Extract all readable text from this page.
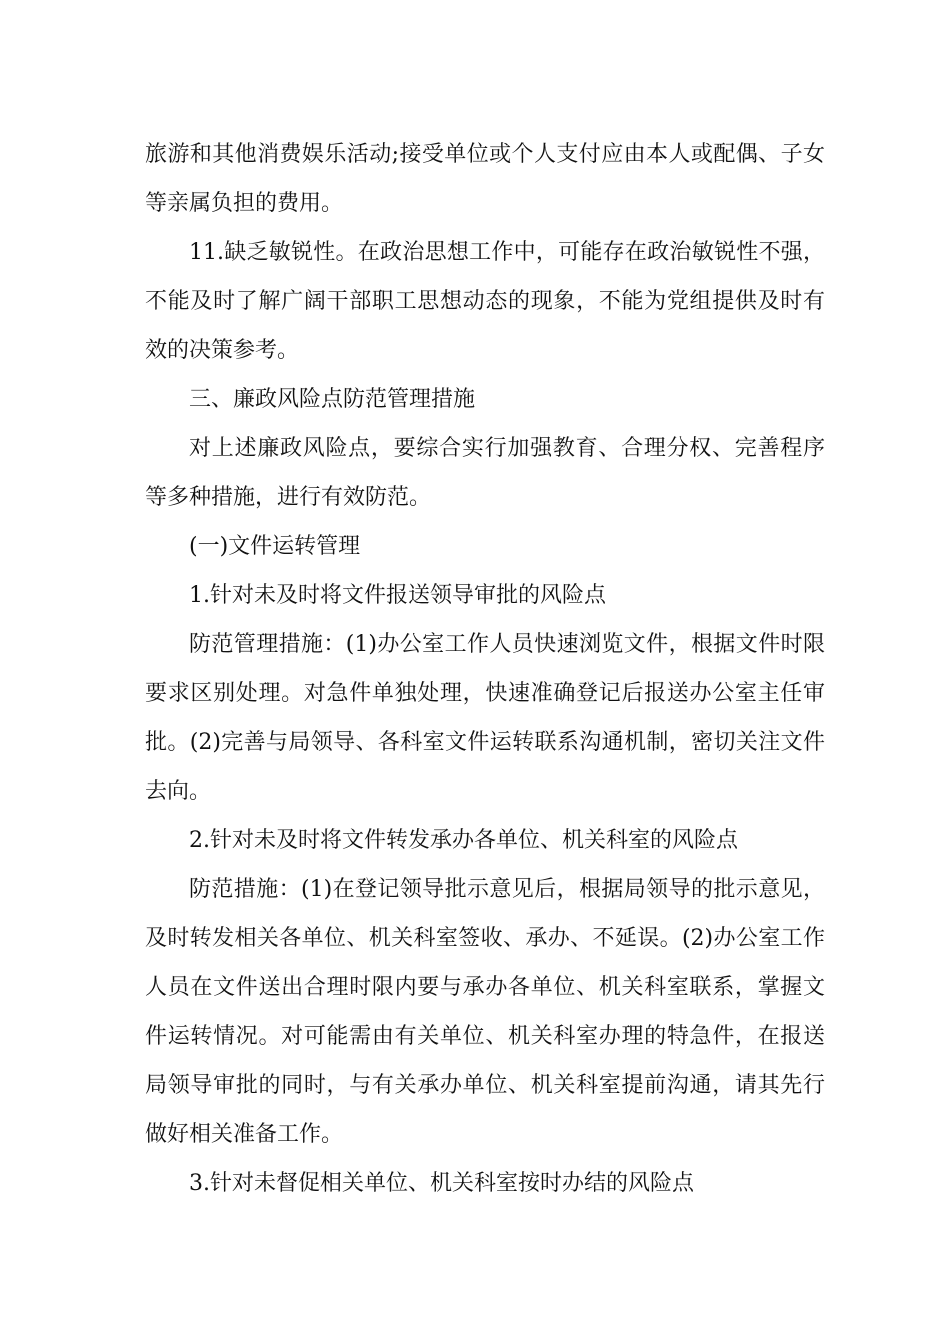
旅游和其他消费娱乐活动;接受单位或个人支付应由本人或配偶、子女等亲属负担的费用。

11.缺乏敏锐性。在政治思想工作中，可能存在政治敏锐性不强，不能及时了解广阔干部职工思想动态的现象，不能为党组提供及时有效的决策参考。

三、廉政风险点防范管理措施

对上述廉政风险点，要综合实行加强教育、合理分权、完善程序等多种措施，进行有效防范。

(一)文件运转管理

1.针对未及时将文件报送领导审批的风险点

防范管理措施：(1)办公室工作人员快速浏览文件，根据文件时限要求区别处理。对急件单独处理，快速准确登记后报送办公室主任审批。(2)完善与局领导、各科室文件运转联系沟通机制，密切关注文件去向。

2.针对未及时将文件转发承办各单位、机关科室的风险点

防范措施：(1)在登记领导批示意见后，根据局领导的批示意见，及时转发相关各单位、机关科室签收、承办、不延误。(2)办公室工作人员在文件送出合理时限内要与承办各单位、机关科室联系，掌握文件运转情况。对可能需由有关单位、机关科室办理的特急件，在报送局领导审批的同时，与有关承办单位、机关科室提前沟通，请其先行做好相关准备工作。

3.针对未督促相关单位、机关科室按时办结的风险点
